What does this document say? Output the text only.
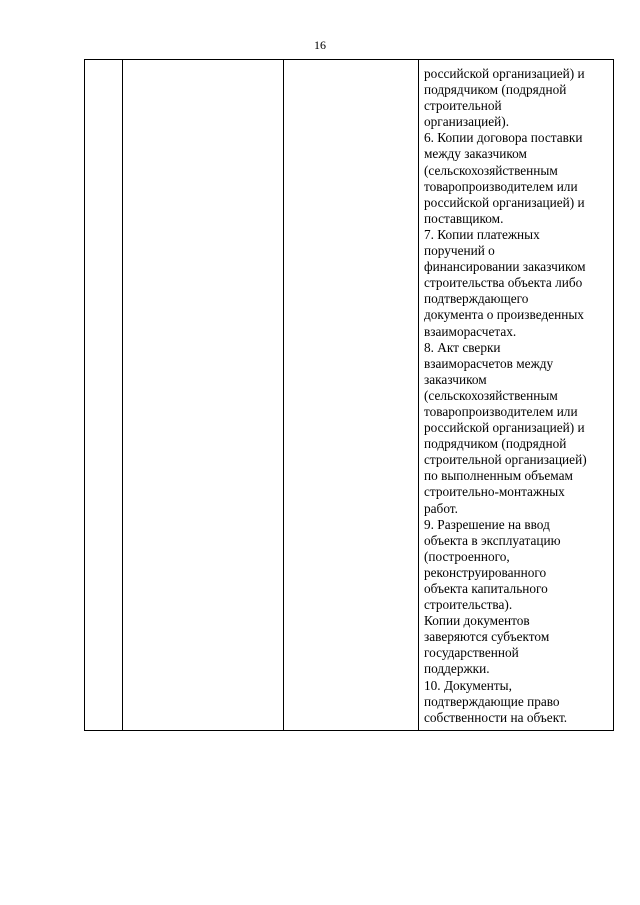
16

российской организацией) и
подрядчиком (подрядной
строительной
организацией).
6. Копии договора поставки
между заказчиком
(сельскохозяйственным
товаропроизводителем или
российской организацией) и
поставщиком.
7. Копии платежных
поручений о
финансировании заказчиком
строительства объекта либо
подтверждающего
документа о произведенных
взаиморасчетах.
8. Акт сверки
взаиморасчетов между
заказчиком
(сельскохозяйственным
товаропроизводителем или
российской организацией) и
подрядчиком (подрядной
строительной организацией)
по выполненным объемам
строительно-монтажных
работ.
9. Разрешение на ввод
объекта в эксплуатацию
(построенного,
реконструированного
объекта капитального
строительства).
Копии документов
заверяются субъектом
государственной
поддержки.
10. Документы,
подтверждающие право
собственности на объект.
